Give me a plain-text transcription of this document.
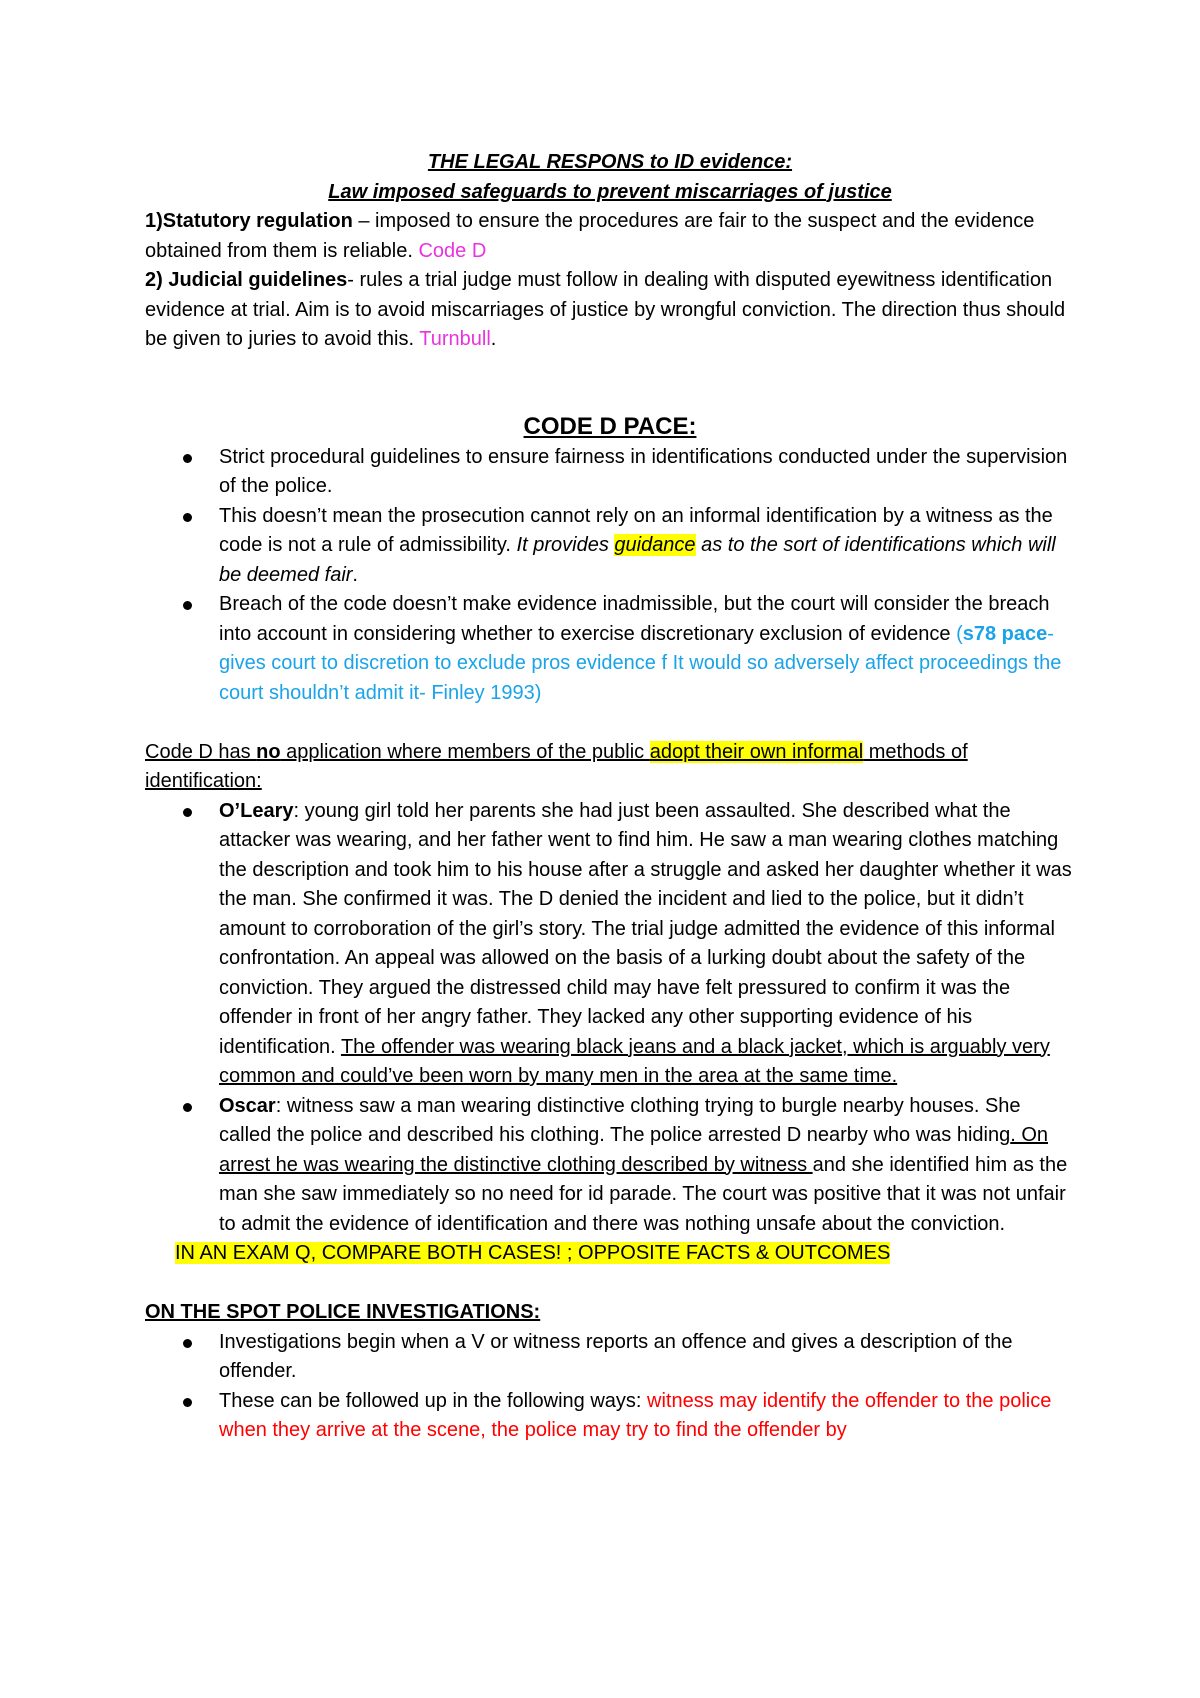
THE LEGAL RESPONS to ID evidence:
Law imposed safeguards to prevent miscarriages of justice
1)Statutory regulation – imposed to ensure the procedures are fair to the suspect and the evidence obtained from them is reliable. Code D
2) Judicial guidelines- rules a trial judge must follow in dealing with disputed eyewitness identification evidence at trial. Aim is to avoid miscarriages of justice by wrongful conviction. The direction thus should be given to juries to avoid this. Turnbull.
CODE D PACE:
Strict procedural guidelines to ensure fairness in identifications conducted under the supervision of the police.
This doesn’t mean the prosecution cannot rely on an informal identification by a witness as the code is not a rule of admissibility. It provides guidance as to the sort of identifications which will be deemed fair.
Breach of the code doesn’t make evidence inadmissible, but the court will consider the breach into account in considering whether to exercise discretionary exclusion of evidence (s78 pace- gives court to discretion to exclude pros evidence f It would so adversely affect proceedings the court shouldn’t admit it- Finley 1993)
Code D has no application where members of the public adopt their own informal methods of identification:
O’Leary: young girl told her parents she had just been assaulted. She described what the attacker was wearing, and her father went to find him. He saw a man wearing clothes matching the description and took him to his house after a struggle and asked her daughter whether it was the man. She confirmed it was. The D denied the incident and lied to the police, but it didn’t amount to corroboration of the girl’s story. The trial judge admitted the evidence of this informal confrontation. An appeal was allowed on the basis of a lurking doubt about the safety of the conviction. They argued the distressed child may have felt pressured to confirm it was the offender in front of her angry father. They lacked any other supporting evidence of his identification. The offender was wearing black jeans and a black jacket, which is arguably very common and could’ve been worn by many men in the area at the same time.
Oscar: witness saw a man wearing distinctive clothing trying to burgle nearby houses. She called the police and described his clothing. The police arrested D nearby who was hiding. On arrest he was wearing the distinctive clothing described by witness and she identified him as the man she saw immediately so no need for id parade. The court was positive that it was not unfair to admit the evidence of identification and there was nothing unsafe about the conviction.
IN AN EXAM Q, COMPARE BOTH CASES! ; OPPOSITE FACTS & OUTCOMES
ON THE SPOT POLICE INVESTIGATIONS:
Investigations begin when a V or witness reports an offence and gives a description of the offender.
These can be followed up in the following ways: witness may identify the offender to the police when they arrive at the scene, the police may try to find the offender by
